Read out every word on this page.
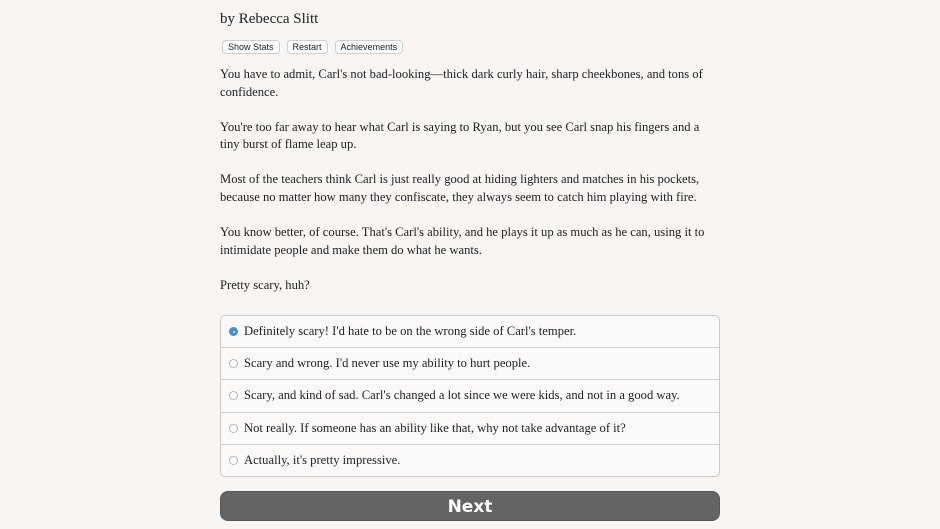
by Rebecca Slitt
Show Stats	Restart	Achievements

You have to admit, Carl's not bad-looking—thick dark curly hair, sharp cheekbones, and tons of confidence.

You're too far away to hear what Carl is saying to Ryan, but you see Carl snap his fingers and a tiny burst of flame leap up.

Most of the teachers think Carl is just really good at hiding lighters and matches in his pockets, because no matter how many they confiscate, they always seem to catch him playing with fire.

You know better, of course. That's Carl's ability, and he plays it up as much as he can, using it to intimidate people and make them do what he wants.

Pretty scary, huh?

Definitely scary! I'd hate to be on the wrong side of Carl's temper.
Scary and wrong. I'd never use my ability to hurt people.
Scary, and kind of sad. Carl's changed a lot since we were kids, and not in a good way.
Not really. If someone has an ability like that, why not take advantage of it?
Actually, it's pretty impressive.
Next
